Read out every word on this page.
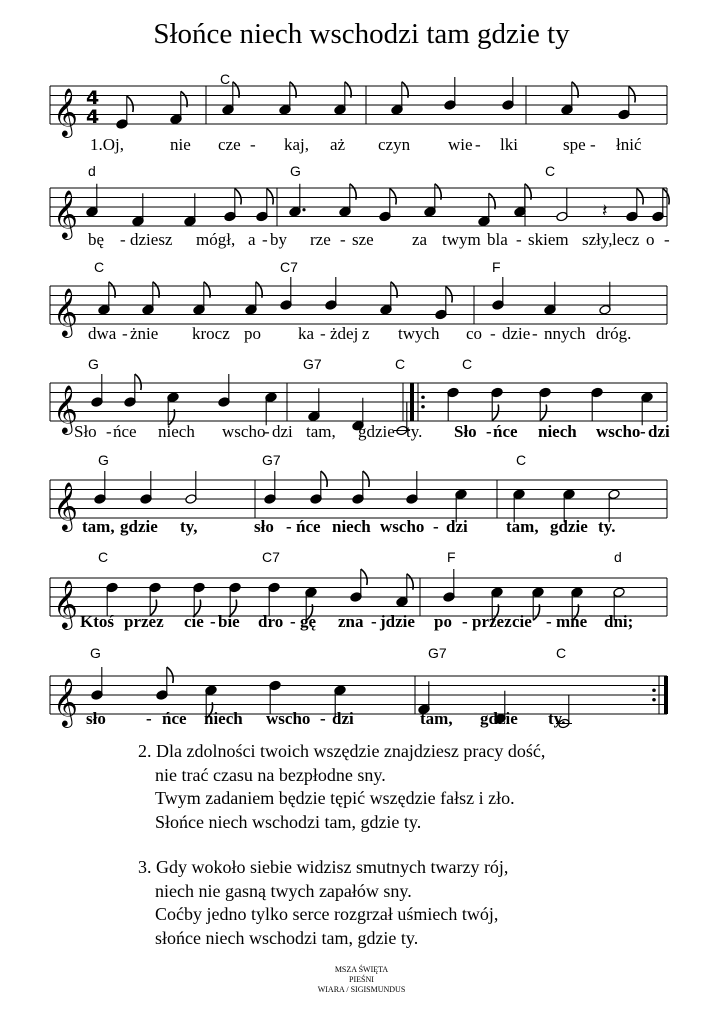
Słońce niech wschodzi tam gdzie ty
𝄞 4
4
C
1.Oj,	nie cze - kaj, aż czyn wie - lki	spe - łnić
𝄞	𝄽
d	G	C
bę - dziesz mógł, a - by rze - sze za twym bla - skiem szły, lecz o -
𝄞
C	C7	F
dwa - żnie krocz po ka - żdej z twych co - dzie - nnych dróg.
𝄞
G	G7	C	C
Sło - ńce niech wscho
- dzi tam, gdzie ty. Sło - ńce niech wscho - dzi
𝄞
G	G7	C
tam, gdzie ty,	sło - ńce niech wscho - dzi tam, gdzie ty.
𝄞
C	C7	F	d
Ktoś przez cie - bie dro - gę zna - jdzie po - przez cie - mne dni;
𝄞
G	G7	C
sło - ńce niech wscho - dzi	tam, gdzie ty.
2. Dla zdolności twoich wszędzie znajdziesz pracy dość,
nie trać czasu na bezpłodne sny.
Twym zadaniem będzie tępić wszędzie fałsz i zło.
Słońce niech wschodzi tam, gdzie ty.
3. Gdy wokoło siebie widzisz smutnych twarzy rój,
niech nie gasną twych zapałów sny.
Coćby jedno tylko serce rozgrzał uśmiech twój,
słońce niech wschodzi tam, gdzie ty.
MSZA ŚWIĘTA
PIEŚNI
WIARA / SIGISMUNDUS
